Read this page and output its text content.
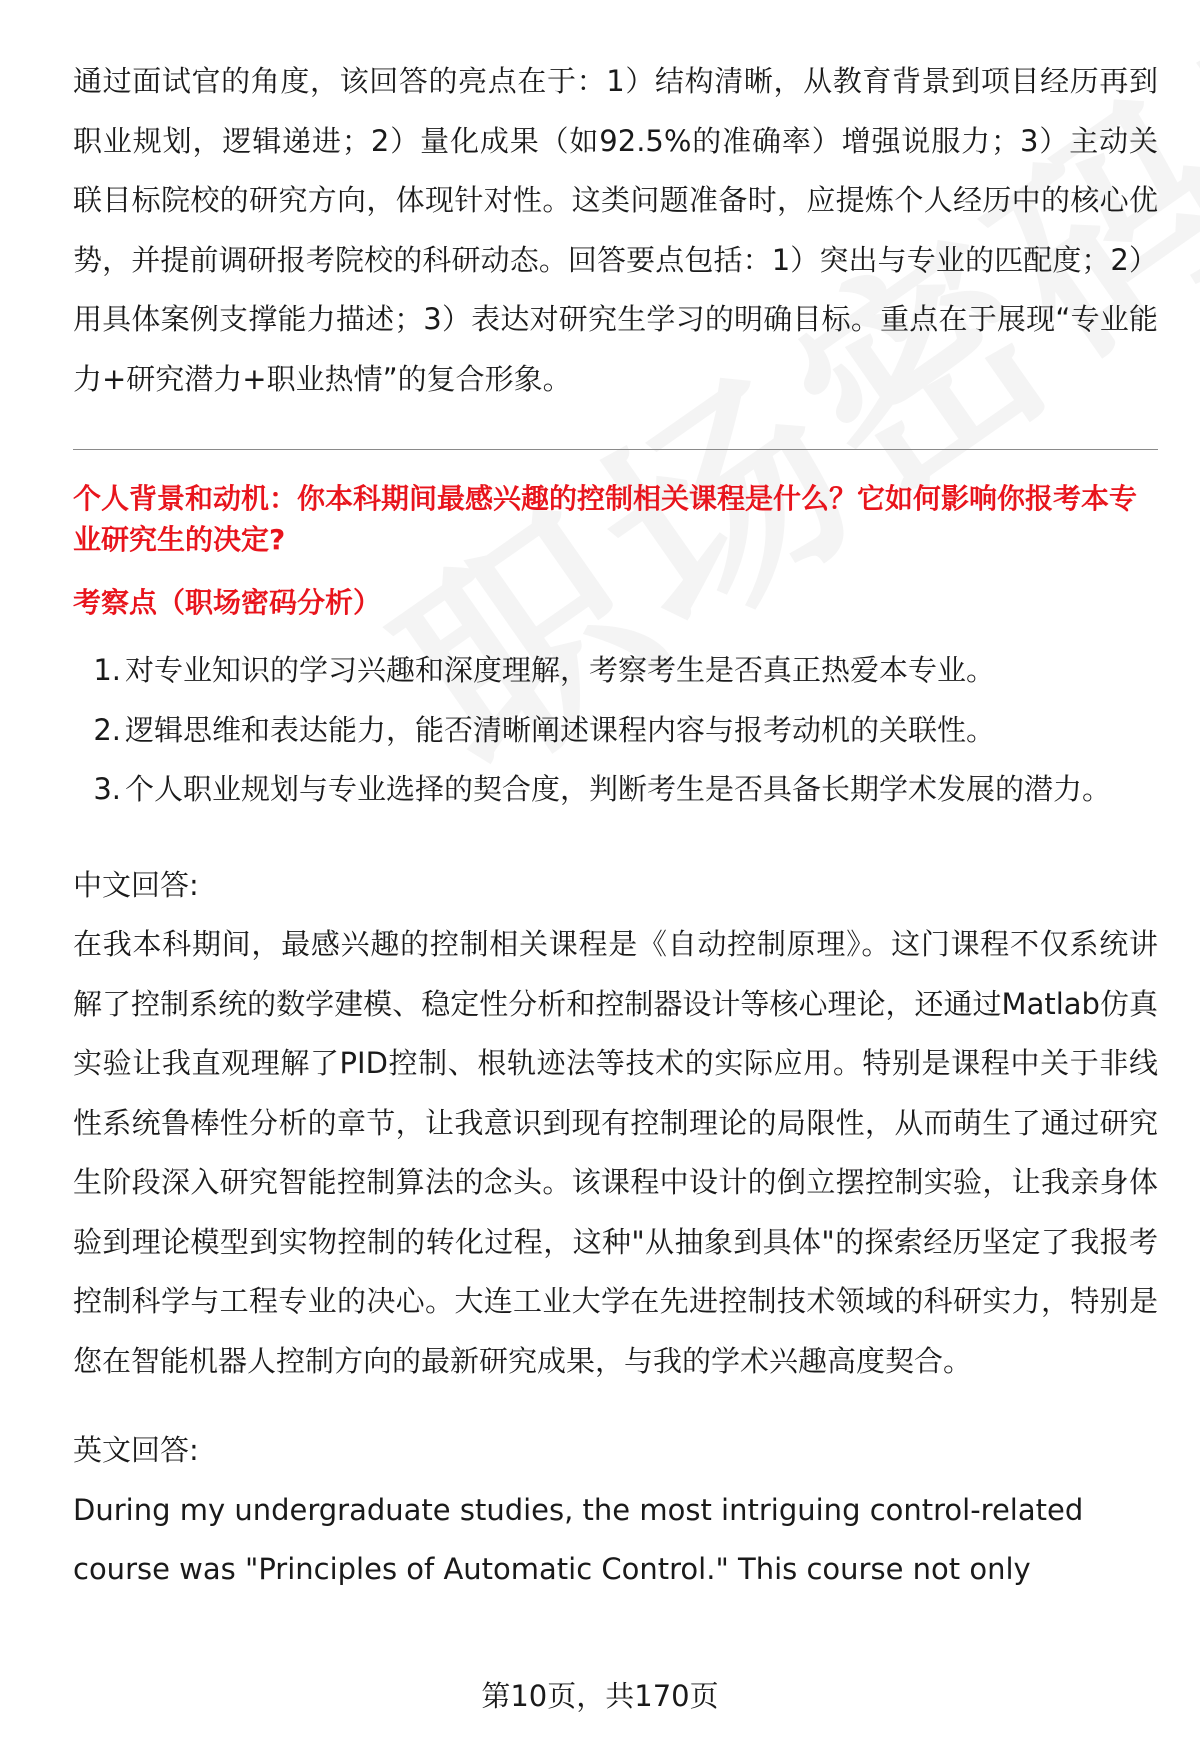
通过面试官的角度，该回答的亮点在于：1）结构清晰，从教育背景到项目经历再到职业规划，逻辑递进；2）量化成果（如92.5%的准确率）增强说服力；3）主动关联目标院校的研究方向，体现针对性。这类问题准备时，应提炼个人经历中的核心优势，并提前调研报考院校的科研动态。回答要点包括：1）突出与专业的匹配度；2）用具体案例支撑能力描述；3）表达对研究生学习的明确目标。重点在于展现“专业能力+研究潜力+职业热情”的复合形象。

个人背景和动机：你本科期间最感兴趣的控制相关课程是什么？它如何影响你报考本专业研究生的决定?

考察点（职场密码分析）

1. 对专业知识的学习兴趣和深度理解，考察考生是否真正热爱本专业。
2. 逻辑思维和表达能力，能否清晰阐述课程内容与报考动机的关联性。
3. 个人职业规划与专业选择的契合度，判断考生是否具备长期学术发展的潜力。

中文回答:

在我本科期间，最感兴趣的控制相关课程是《自动控制原理》。这门课程不仅系统讲解了控制系统的数学建模、稳定性分析和控制器设计等核心理论，还通过Matlab仿真实验让我直观理解了PID控制、根轨迹法等技术的实际应用。特别是课程中关于非线性系统鲁棒性分析的章节，让我意识到现有控制理论的局限性，从而萌生了通过研究生阶段深入研究智能控制算法的念头。该课程中设计的倒立摆控制实验，让我亲身体验到理论模型到实物控制的转化过程，这种"从抽象到具体"的探索经历坚定了我报考控制科学与工程专业的决心。大连工业大学在先进控制技术领域的科研实力，特别是您在智能机器人控制方向的最新研究成果，与我的学术兴趣高度契合。

英文回答:

During my undergraduate studies, the most intriguing control-related course was "Principles of Automatic Control." This course not only

第10页，共170页
